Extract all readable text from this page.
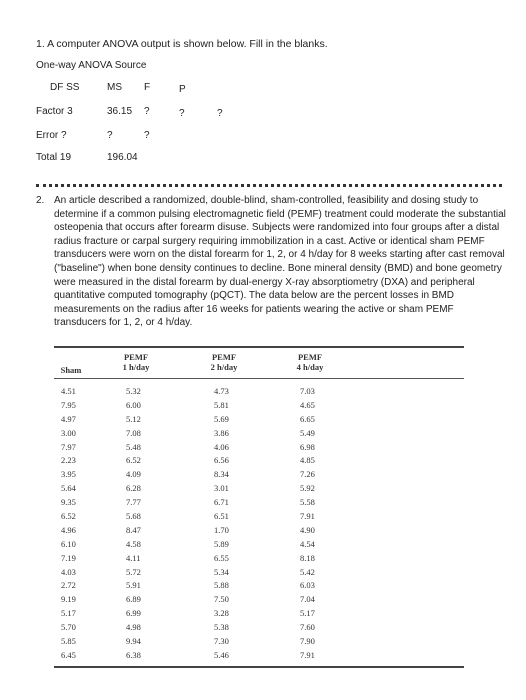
1. A computer ANOVA output is shown below. Fill in the blanks.
One-way ANOVA Source
DF SS	MS F	P
Factor 3	36.15 ?	?	?
Error ?	?	?
Total 19	196.04
2. An article described a randomized, double-blind, sham-controlled, feasibility and dosing study to determine if a common pulsing electromagnetic field (PEMF) treatment could moderate the substantial osteopenia that occurs after forearm disuse. Subjects were randomized into four groups after a distal radius fracture or carpal surgery requiring immobilization in a cast. Active or identical sham PEMF transducers were worn on the distal forearm for 1, 2, or 4 h/day for 8 weeks starting after cast removal ("baseline") when bone density continues to decline. Bone mineral density (BMD) and bone geometry were measured in the distal forearm by dual-energy X-ray absorptiometry (DXA) and peripheral quantitative computed tomography (pQCT). The data below are the percent losses in BMD measurements on the radius after 16 weeks for patients wearing the active or sham PEMF transducers for 1, 2, or 4 h/day.
Sham
PEMF
1 h/day
PEMF
2 h/day
PEMF
4 h/day
4.51	5.32	4.73	7.03
7.95	6.00	5.81	4.65
4.97	5.12	5.69	6.65
3.00	7.08	3.86	5.49
7.97	5.48	4.06	6.98
2.23	6.52	6.56	4.85
3.95	4.09	8.34	7.26
5.64	6.28	3.01	5.92
9.35	7.77	6.71	5.58
6.52	5.68	6.51	7.91
4.96	8.47	1.70	4.90
6.10	4.58	5.89	4.54
7.19	4.11	6.55	8.18
4.03	5.72	5.34	5.42
2.72	5.91	5.88	6.03
9.19	6.89	7.50	7.04
5.17	6.99	3.28	5.17
5.70	4.98	5.38	7.60
5.85	9.94	7.30	7.90
6.45	6.38	5.46	7.91
